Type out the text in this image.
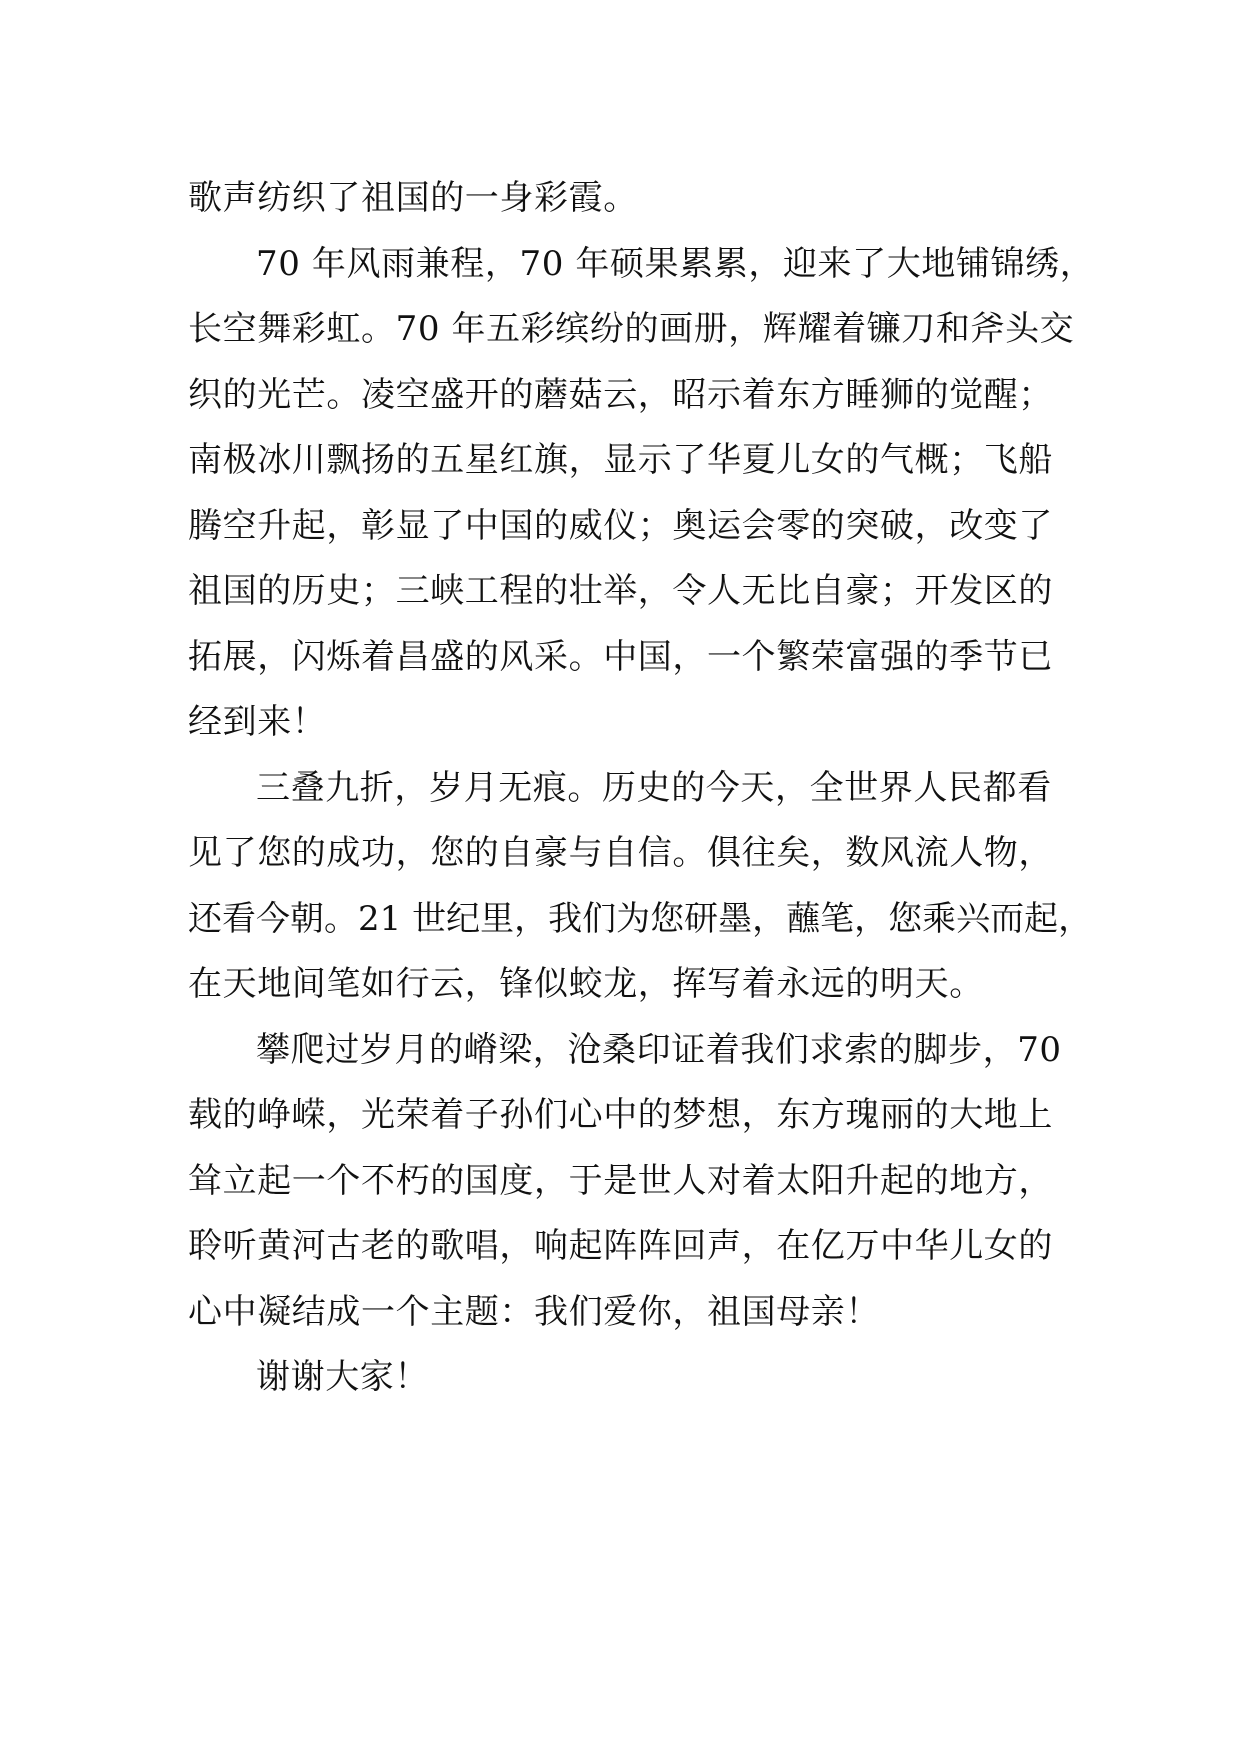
歌声纺织了祖国的一身彩霞。
70 年风雨兼程，70 年硕果累累，迎来了大地铺锦绣，
长空舞彩虹。70 年五彩缤纷的画册，辉耀着镰刀和斧头交
织的光芒。凌空盛开的蘑菇云，昭示着东方睡狮的觉醒；
南极冰川飘扬的五星红旗，显示了华夏儿女的气概；飞船
腾空升起，彰显了中国的威仪；奥运会零的突破，改变了
祖国的历史；三峡工程的壮举，令人无比自豪；开发区的
拓展，闪烁着昌盛的风采。中国，一个繁荣富强的季节已
经到来！
三叠九折，岁月无痕。历史的今天，全世界人民都看
见了您的成功，您的自豪与自信。俱往矣，数风流人物，
还看今朝。21 世纪里，我们为您研墨，蘸笔，您乘兴而起，
在天地间笔如行云，锋似蛟龙，挥写着永远的明天。
攀爬过岁月的嵴梁，沧桑印证着我们求索的脚步，70
载的峥嵘，光荣着子孙们心中的梦想，东方瑰丽的大地上
耸立起一个不朽的国度，于是世人对着太阳升起的地方，
聆听黄河古老的歌唱，响起阵阵回声，在亿万中华儿女的
心中凝结成一个主题：我们爱你，祖国母亲！
谢谢大家！
